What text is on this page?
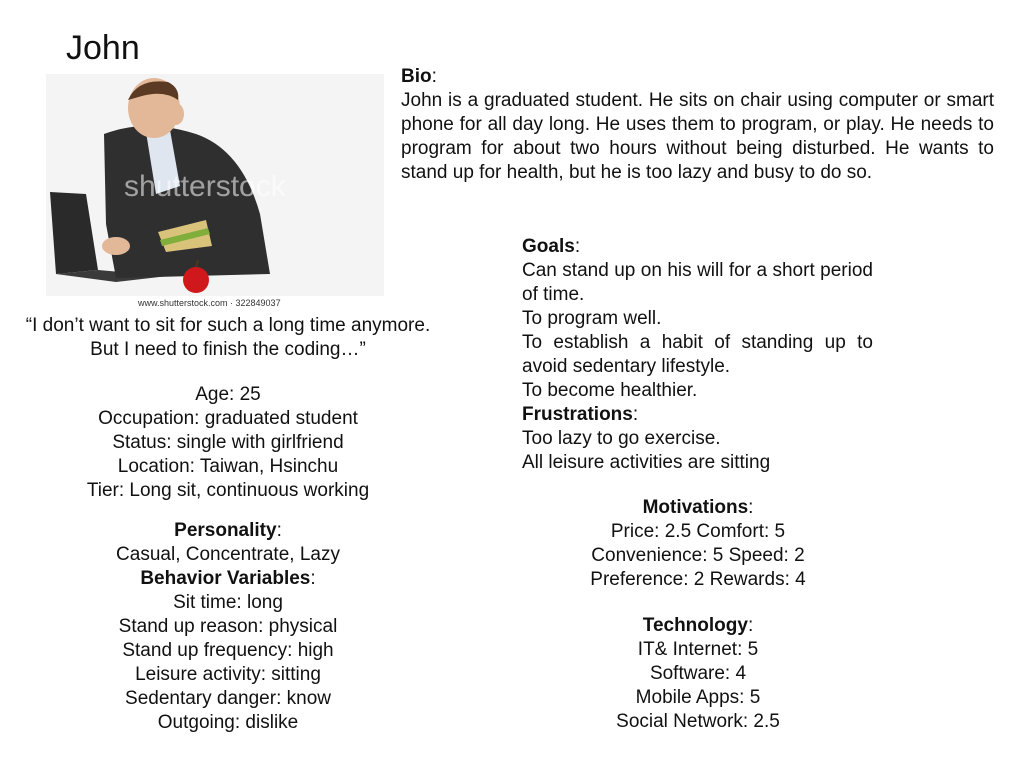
John
shutterstock
www.shutterstock.com · 322849037
“I don’t want to sit for such a long time anymore.
But I need to finish the coding…”
Age: 25
Occupation: graduated student
Status: single with girlfriend
Location: Taiwan, Hsinchu
Tier: Long sit, continuous working
Personality:
Casual, Concentrate, Lazy
Behavior Variables:
Sit time: long
Stand up reason: physical
Stand up frequency: high
Leisure activity: sitting
Sedentary danger: know
Outgoing: dislike
Bio:
John is a graduated student. He sits on chair using computer or smart phone for all day long. He uses them to program, or play. He needs to program for about two hours without being disturbed. He wants to stand up for health, but he is too lazy and busy to do so.
Goals:
Can stand up on his will for a short period of time.
To program well.
To establish a habit of standing up to avoid sedentary lifestyle.
To become healthier.
Frustrations:
Too lazy to go exercise.
All leisure activities are sitting
Motivations:
Price: 2.5 Comfort: 5
Convenience: 5 Speed: 2
Preference: 2 Rewards: 4
Technology:
IT& Internet: 5
Software: 4
Mobile Apps: 5
Social Network: 2.5
